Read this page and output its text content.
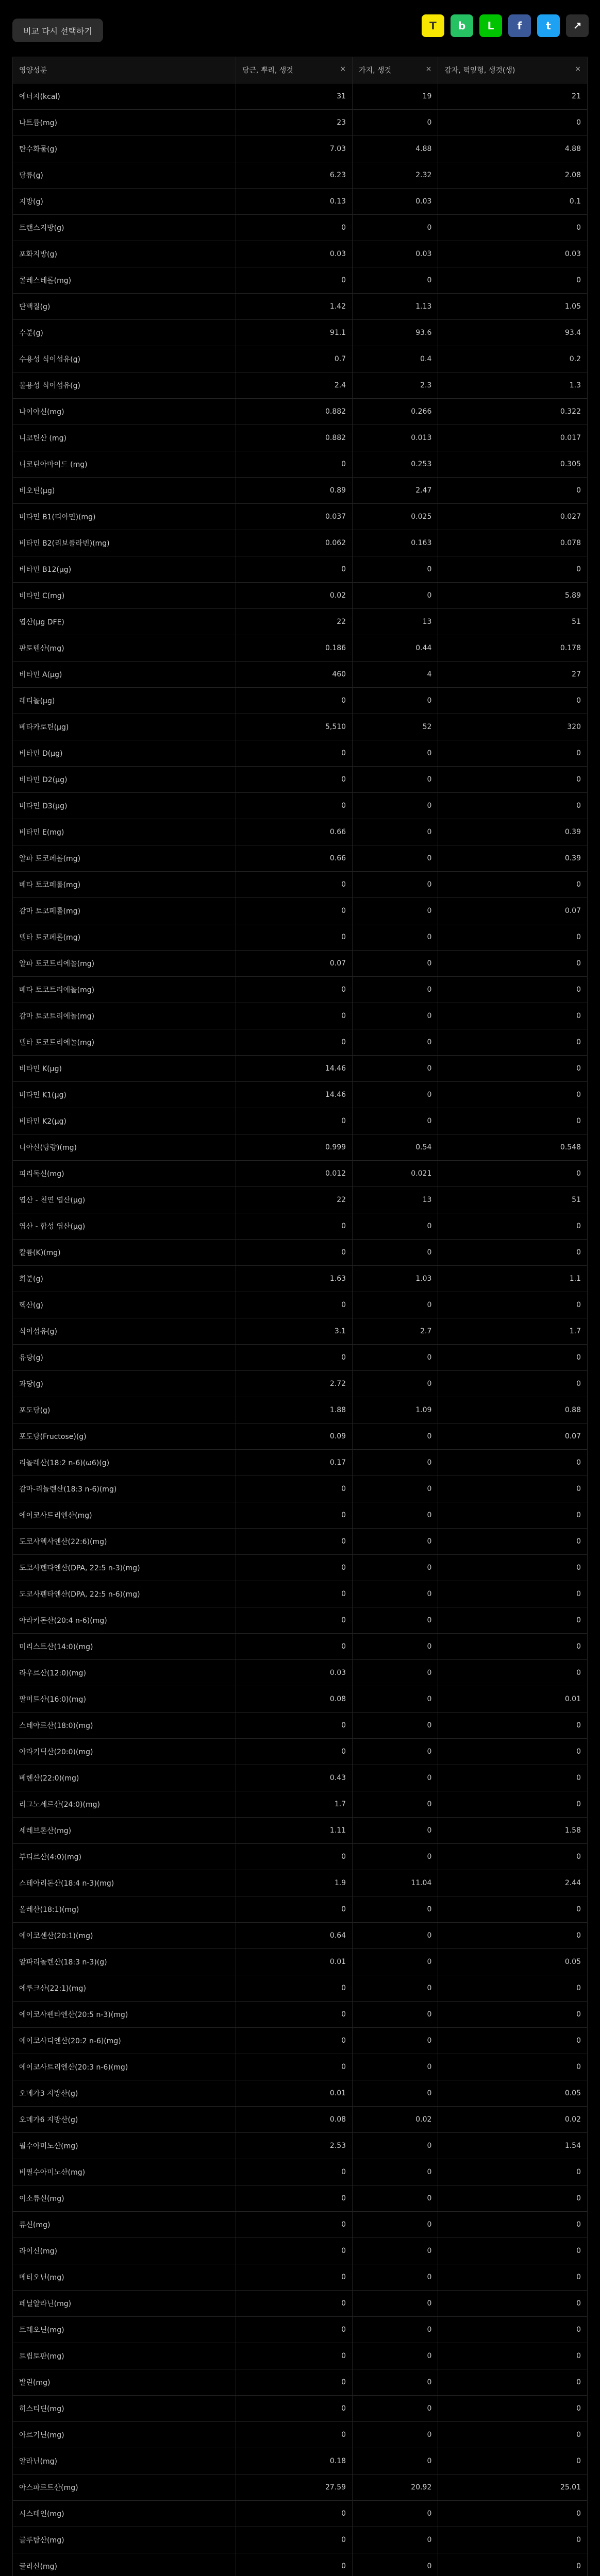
비교 다시 선택하기	T	b	L	f	t	↗
영양성분	당근, 뿌리, 생것 ×	가지, 생것 ×	감자, 떡잎형, 생것(생) ×

에너지(kcal)	31	19	21
나트륨(mg)	23	0	0
탄수화물(g)	7.03	4.88	4.88
당류(g)	6.23	2.32	2.08
지방(g)	0.13	0.03	0.1
트랜스지방(g)	0	0	0
포화지방(g)	0.03	0.03	0.03
콜레스테롤(mg)	0	0	0
단백질(g)	1.42	1.13	1.05
수분(g)	91.1	93.6	93.4
수용성 식이섬유(g)	0.7	0.4	0.2
불용성 식이섬유(g)	2.4	2.3	1.3
나이아신(mg)	0.882	0.266	0.322
니코틴산 (mg)	0.882	0.013	0.017
니코틴아마이드 (mg)	0	0.253	0.305
비오틴(μg)	0.89	2.47	0
비타민 B1(티아민)(mg)	0.037	0.025	0.027
비타민 B2(리보플라빈)(mg)	0.062	0.163	0.078
비타민 B12(μg)	0	0	0
비타민 C(mg)	0.02	0	5.89
엽산(μg DFE)	22	13	51
판토텐산(mg)	0.186	0.44	0.178
비타민 A(μg)	460	4	27
레티놀(μg)	0	0	0
베타카로틴(μg)	5,510	52	320
비타민 D(μg)	0	0	0
비타민 D2(μg)	0	0	0
비타민 D3(μg)	0	0	0
비타민 E(mg)	0.66	0	0.39
알파 토코페롤(mg)	0.66	0	0.39
베타 토코페롤(mg)	0	0	0
감마 토코페롤(mg)	0	0	0.07
델타 토코페롤(mg)	0	0	0
알파 토코트리에놀(mg)	0.07	0	0
베타 토코트리에놀(mg)	0	0	0
감마 토코트리에놀(mg)	0	0	0
델타 토코트리에놀(mg)	0	0	0
비타민 K(μg)	14.46	0	0
비타민 K1(μg)	14.46	0	0
비타민 K2(μg)	0	0	0
니아신(당량)(mg)	0.999	0.54	0.548
피리독신(mg)	0.012	0.021	0
엽산 - 천연 엽산(μg)	22	13	51
엽산 - 합성 엽산(μg)	0	0	0
칼륨(K)(mg)	0	0	0
회분(g)	1.63	1.03	1.1
헥산(g)	0	0	0
식이섬유(g)	3.1	2.7	1.7
유당(g)	0	0	0
과당(g)	2.72	0	0
포도당(g)	1.88	1.09	0.88
포도당(Fructose)(g)	0.09	0	0.07
리놀레산(18:2 n-6)(ω6)(g)	0.17	0	0
감마-리놀렌산(18:3 n-6)(mg)	0	0	0
에이코사트리엔산(mg)	0	0	0
도코사헥사엔산(22:6)(mg)	0	0	0
도코사펜타엔산(DPA, 22:5 n-3)(mg)	0	0	0
도코사펜타엔산(DPA, 22:5 n-6)(mg)	0	0	0
아라키돈산(20:4 n-6)(mg)	0	0	0
미리스트산(14:0)(mg)	0	0	0
라우르산(12:0)(mg)	0.03	0	0
팔미트산(16:0)(mg)	0.08	0	0.01
스테아르산(18:0)(mg)	0	0	0
아라키딕산(20:0)(mg)	0	0	0
베헨산(22:0)(mg)	0.43	0	0
리그노세르산(24:0)(mg)	1.7	0	0
세레브론산(mg)	1.11	0	1.58
부티르산(4:0)(mg)	0	0	0
스테아리돈산(18:4 n-3)(mg)	1.9	11.04	2.44
올레산(18:1)(mg)	0	0	0
에이코센산(20:1)(mg)	0.64	0	0
알파리놀렌산(18:3 n-3)(g)	0.01	0	0.05
에루크산(22:1)(mg)	0	0	0
에이코사펜타엔산(20:5 n-3)(mg)	0	0	0
에이코사디엔산(20:2 n-6)(mg)	0	0	0
에이코사트리엔산(20:3 n-6)(mg)	0	0	0
오메가3 지방산(g)	0.01	0	0.05
오메가6 지방산(g)	0.08	0.02	0.02
필수아미노산(mg)	2.53	0	1.54
비필수아미노산(mg)	0	0	0
이소류신(mg)	0	0	0
류신(mg)	0	0	0
라이신(mg)	0	0	0
메티오닌(mg)	0	0	0
페닐알라닌(mg)	0	0	0
트레오닌(mg)	0	0	0
트립토판(mg)	0	0	0
발린(mg)	0	0	0
히스티딘(mg)	0	0	0
아르기닌(mg)	0	0	0
알라닌(mg)	0.18	0	0
아스파르트산(mg)	27.59	20.92	25.01
시스테인(mg)	0	0	0
글루탐산(mg)	0	0	0
글리신(mg)	0	0	0
